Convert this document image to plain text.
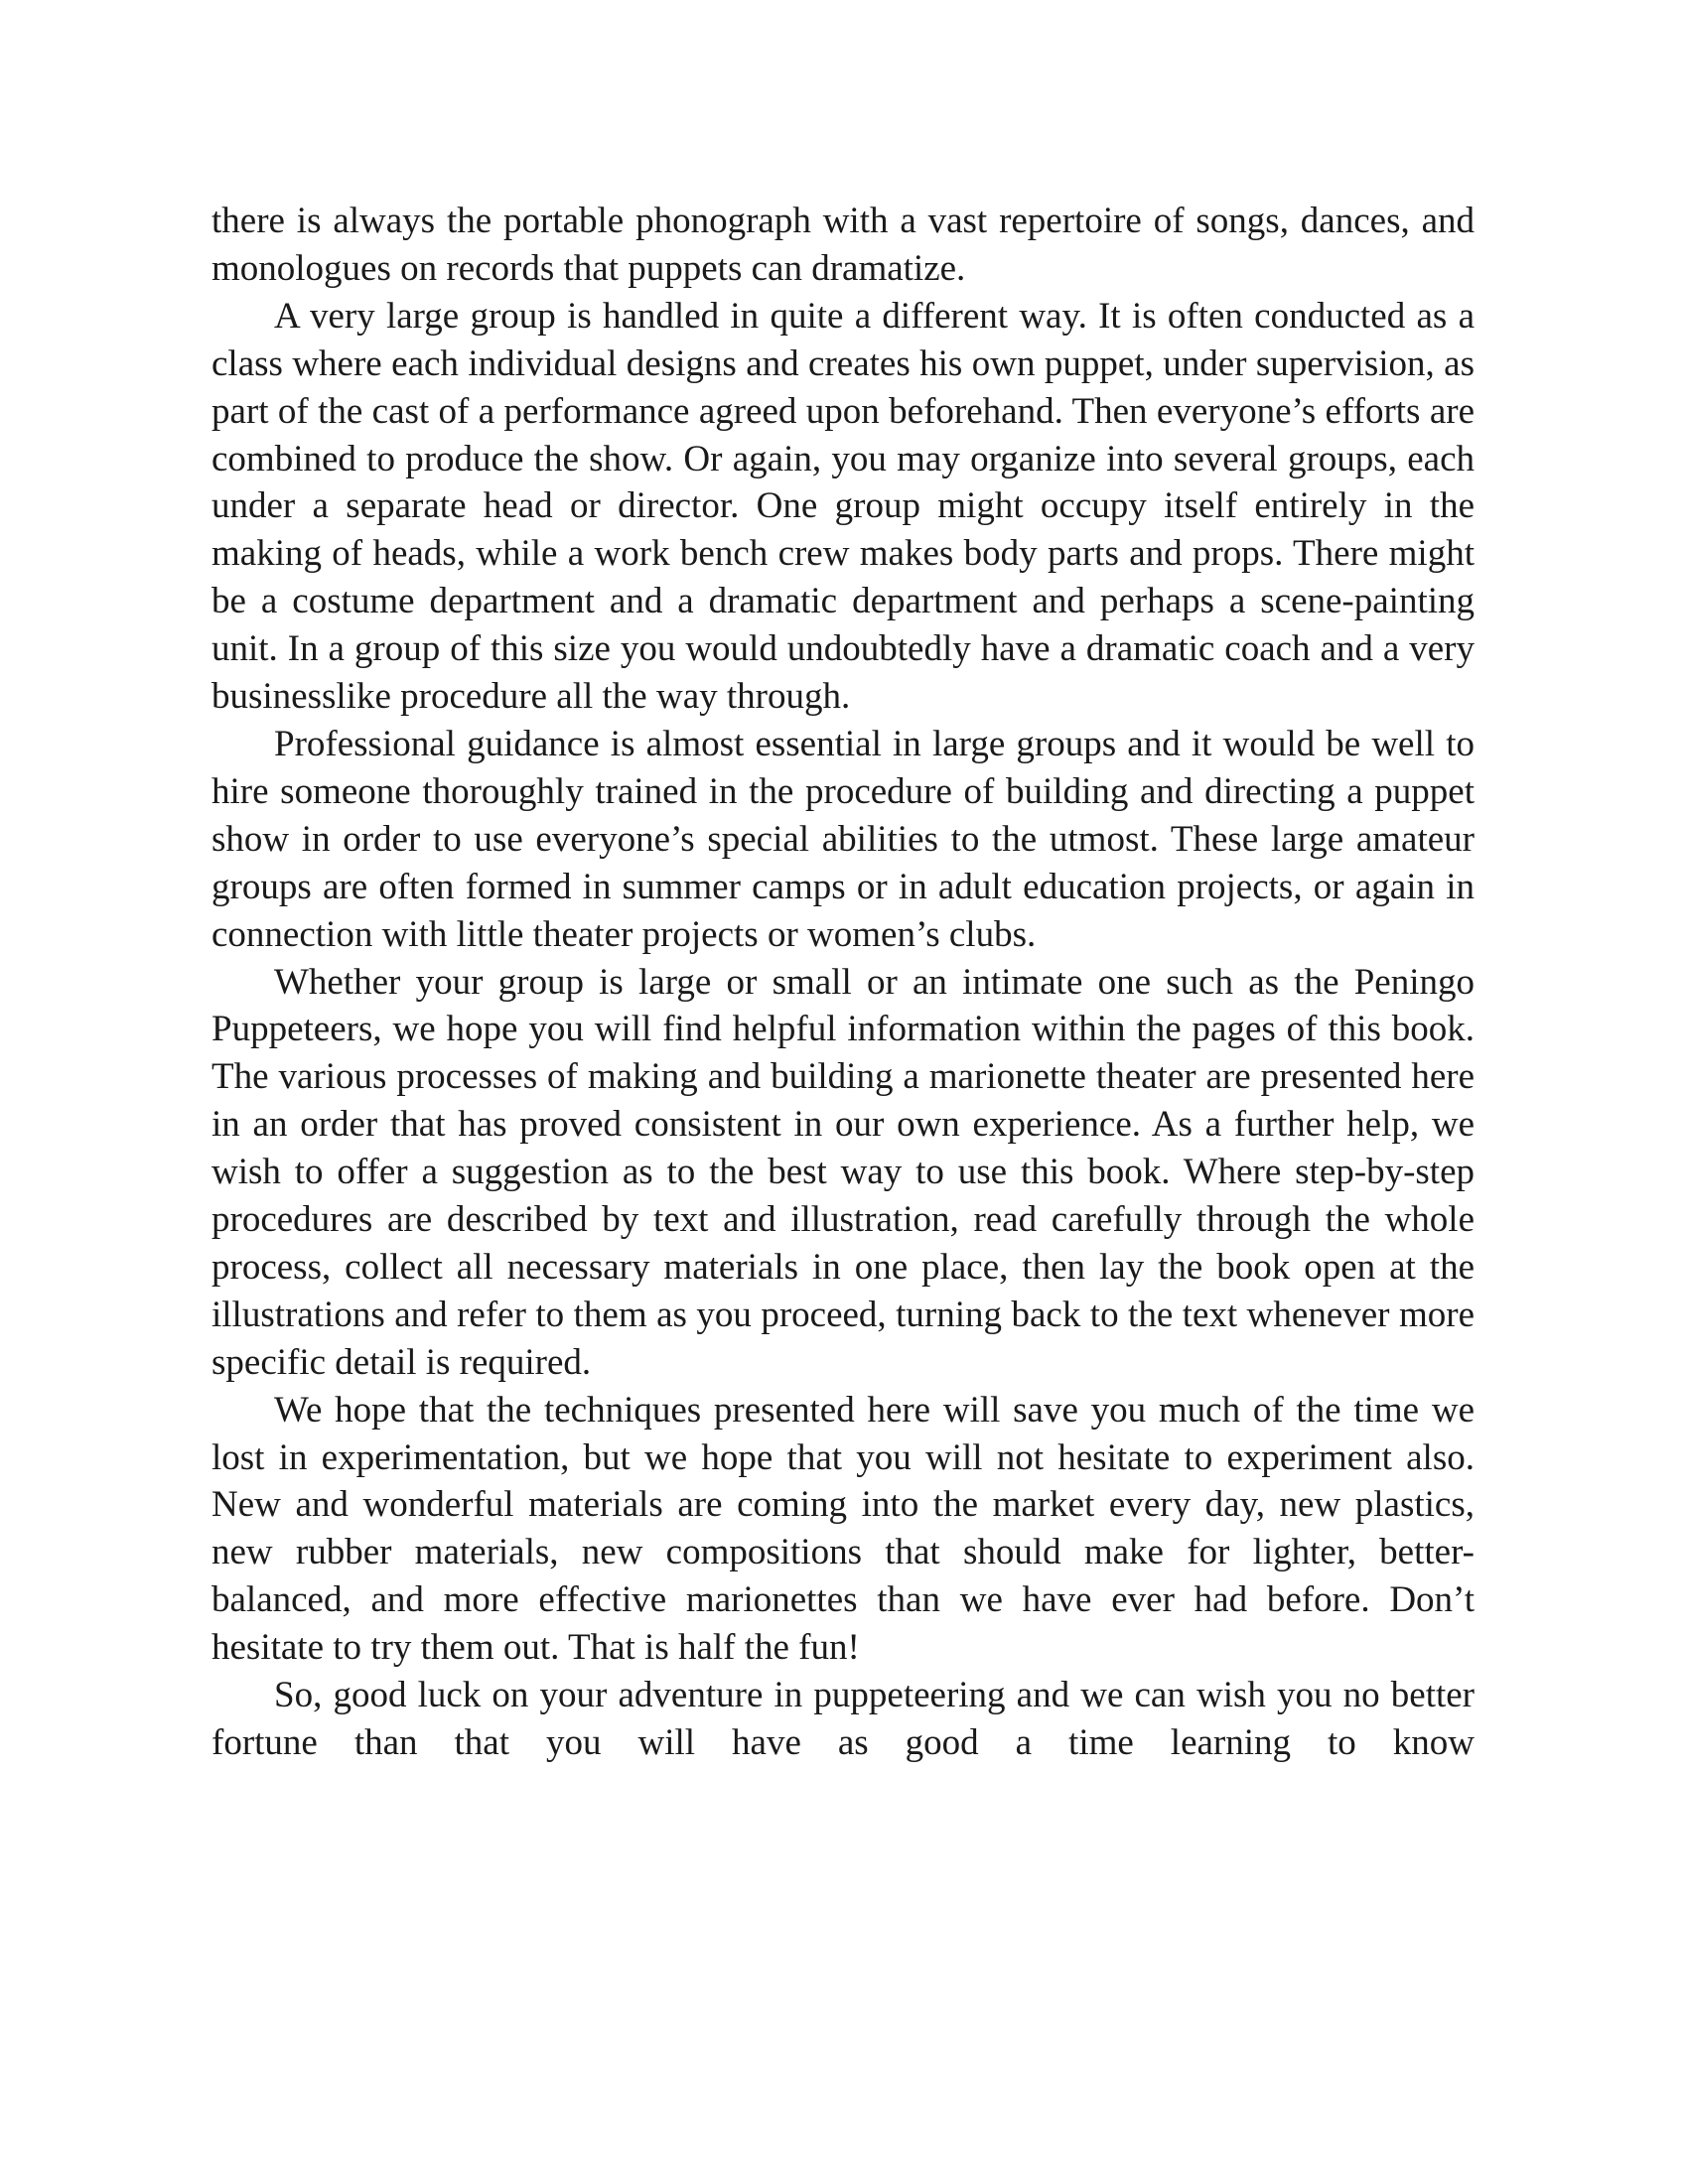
there is always the portable phonograph with a vast repertoire of songs, dances, and monologues on records that puppets can dramatize.

A very large group is handled in quite a different way. It is often conducted as a class where each individual designs and creates his own puppet, under supervision, as part of the cast of a performance agreed upon beforehand. Then everyone’s efforts are combined to produce the show. Or again, you may organize into several groups, each under a separate head or director. One group might occupy itself entirely in the making of heads, while a work bench crew makes body parts and props. There might be a costume department and a dramatic department and perhaps a scene-painting unit. In a group of this size you would undoubtedly have a dramatic coach and a very businesslike procedure all the way through.

Professional guidance is almost essential in large groups and it would be well to hire someone thoroughly trained in the procedure of building and directing a puppet show in order to use everyone’s special abilities to the utmost. These large amateur groups are often formed in summer camps or in adult education projects, or again in connection with little theater projects or women’s clubs.

Whether your group is large or small or an intimate one such as the Peningo Puppeteers, we hope you will find helpful information within the pages of this book. The various processes of making and building a marionette theater are presented here in an order that has proved consistent in our own experience. As a further help, we wish to offer a suggestion as to the best way to use this book. Where step-by-step procedures are described by text and illustration, read carefully through the whole process, collect all necessary materials in one place, then lay the book open at the illustrations and refer to them as you proceed, turning back to the text whenever more specific detail is required.

We hope that the techniques presented here will save you much of the time we lost in experimentation, but we hope that you will not hesitate to experiment also. New and wonderful materials are coming into the market every day, new plastics, new rubber materials, new compositions that should make for lighter, better-balanced, and more effective marionettes than we have ever had before. Don’t hesitate to try them out. That is half the fun!

So, good luck on your adventure in puppeteering and we can wish you no better fortune than that you will have as good a time learning to know
